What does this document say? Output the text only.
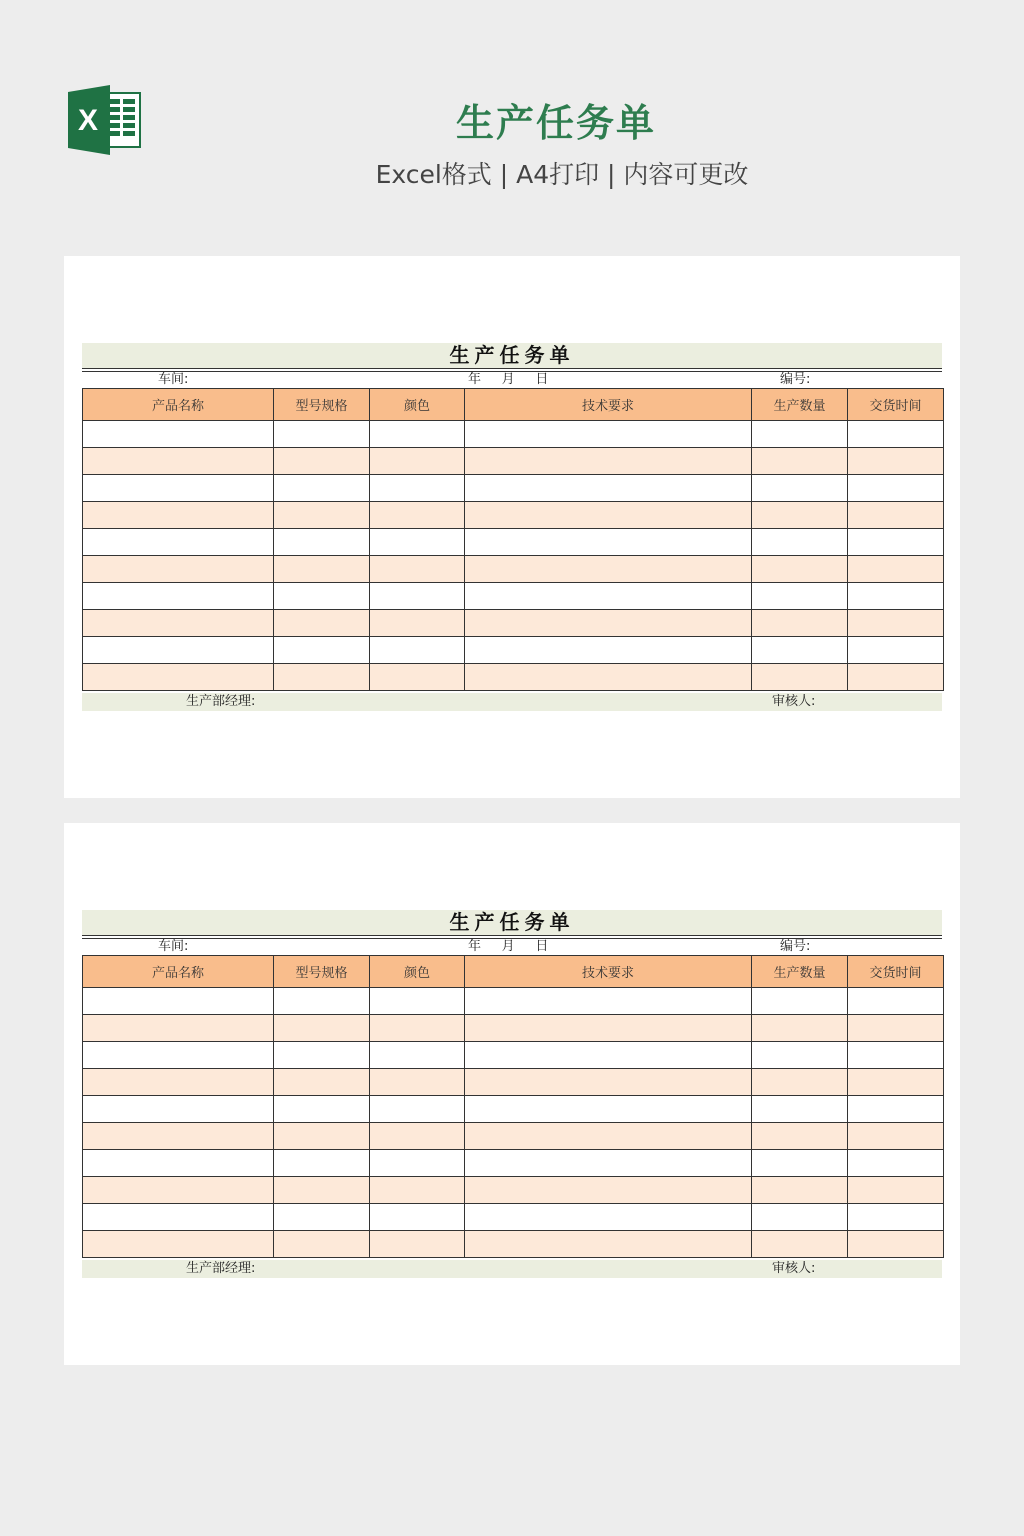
X	生产任务单
Excel格式 | A4打印 | 内容可更改
生产任务单
车间:	年     月     日	编号:
产品名称	型号规格	颜色	技术要求	生产数量	交货时间

生产部经理:	审核人:
生产任务单
车间:	年     月     日	编号:
产品名称	型号规格	颜色	技术要求	生产数量	交货时间

生产部经理:	审核人:
